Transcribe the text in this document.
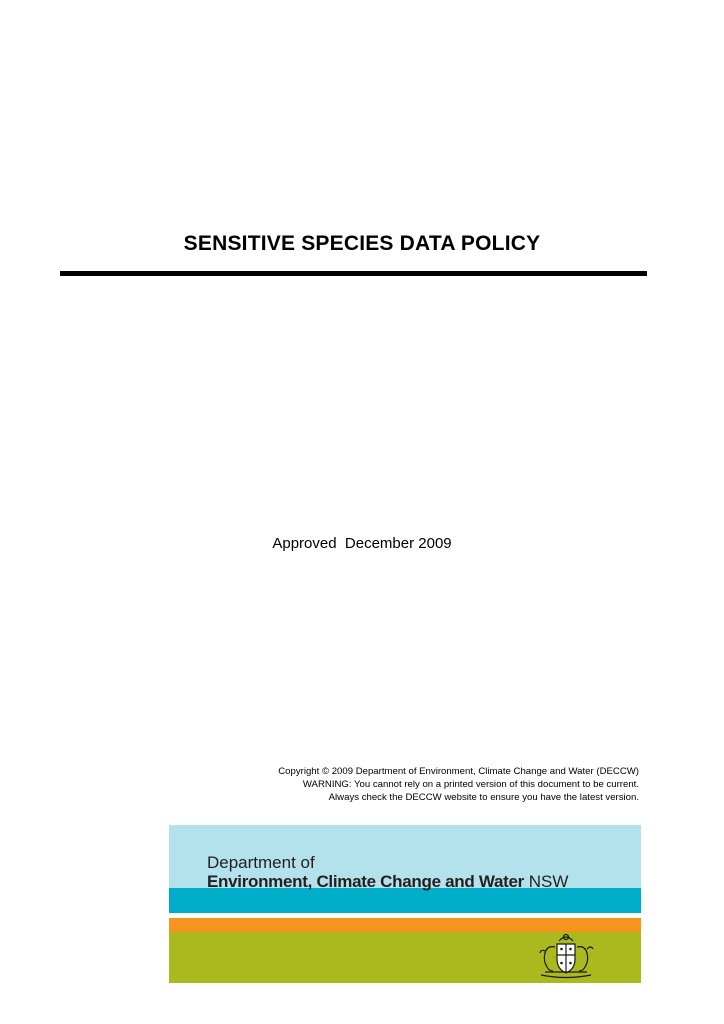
SENSITIVE SPECIES DATA POLICY
Approved  December 2009
Copyright © 2009 Department of Environment, Climate Change and Water (DECCW)
WARNING: You cannot rely on a printed version of this document to be current.
Always check the DECCW website to ensure you have the latest version.
Department of
Environment, Climate Change and Water NSW
